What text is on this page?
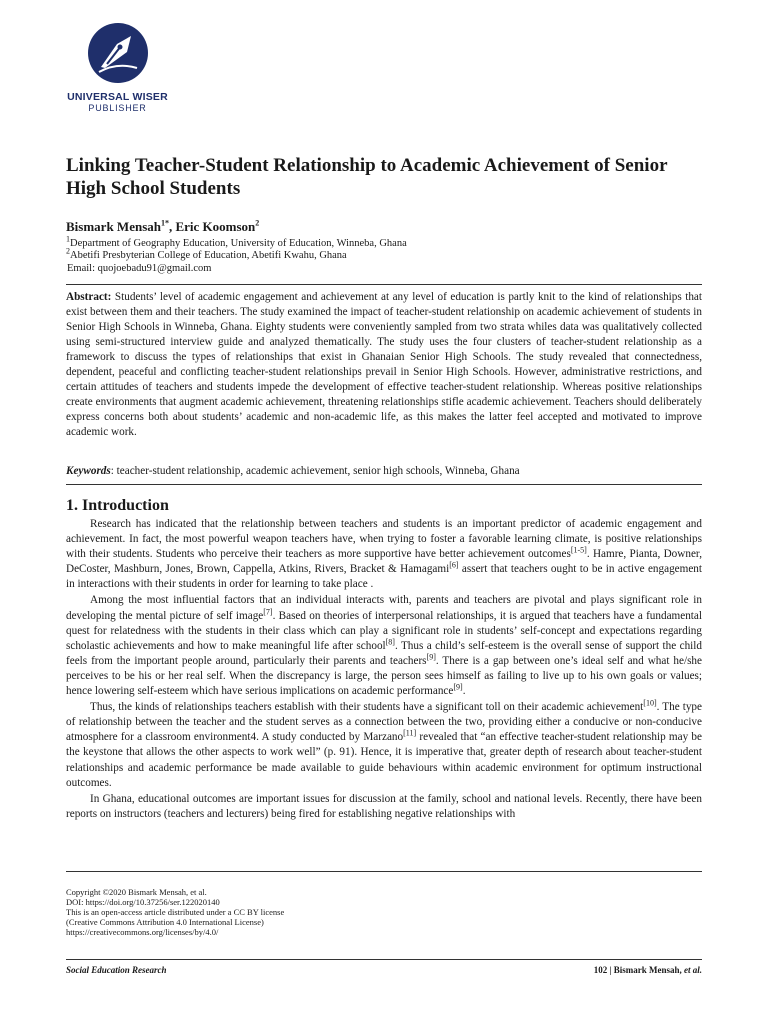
UNIVERSAL WISER
PUBLISHER
Linking Teacher-Student Relationship to Academic Achievement of Senior High School Students
Bismark Mensah$^{1*}$, Eric Koomson$^2$
$^1$Department of Geography Education, University of Education, Winneba, Ghana
$^2$Abetifi Presbyterian College of Education, Abetifi Kwahu, Ghana
Email: quojoebadu91@gmail.com
Abstract: Students’ level of academic engagement and achievement at any level of education is partly knit to the kind of relationships that exist between them and their teachers. The study examined the impact of teacher-student relationship on academic achievement of students in Senior High Schools in Winneba, Ghana. Eighty students were conveniently sampled from two strata whiles data was qualitatively collected using semi-structured interview guide and analyzed thematically. The study uses the four clusters of teacher-student relationship as a framework to discuss the types of relationships that exist in Ghanaian Senior High Schools. The study revealed that connectedness, dependent, peaceful and conflicting teacher-student relationships prevail in Senior High Schools. However, administrative restrictions, and certain attitudes of teachers and students impede the development of effective teacher-student relationship. Whereas positive relationships create environments that augment academic achievement, threatening relationships stifle academic achievement. Teachers should deliberately express concerns both about students’ academic and non-academic life, as this makes the latter feel accepted and motivated to improve academic work.
Keywords: teacher-student relationship, academic achievement, senior high schools, Winneba, Ghana
1. Introduction

Research has indicated that the relationship between teachers and students is an important predictor of academic engagement and achievement. In fact, the most powerful weapon teachers have, when trying to foster a favorable learning climate, is positive relationships with their students. Students who perceive their teachers as more supportive have better achievement outcomes[1-5]. Hamre, Pianta, Downer, DeCoster, Mashburn, Jones, Brown, Cappella, Atkins, Rivers, Bracket & Hamagami[6] assert that teachers ought to be in active engagement in interactions with their students in order for learning to take place .

Among the most influential factors that an individual interacts with, parents and teachers are pivotal and plays significant role in developing the mental picture of self image[7]. Based on theories of interpersonal relationships, it is argued that teachers have a fundamental quest for relatedness with the students in their class which can play a significant role in students’ self-concept and expectations regarding scholastic achievements and how to make meaningful life after school[8]. Thus a child’s self-esteem is the overall sense of support the child feels from the important people around, particularly their parents and teachers[9]. There is a gap between one’s ideal self and what he/she perceives to be his or her real self. When the discrepancy is large, the person sees himself as failing to live up to his own goals or values; hence lowering self-esteem which have serious implications on academic performance[9].

Thus, the kinds of relationships teachers establish with their students have a significant toll on their academic achievement[10]. The type of relationship between the teacher and the student serves as a connection between the two, providing either a conducive or non-conducive atmosphere for a classroom environment4. A study conducted by Marzano[11] revealed that “an effective teacher-student relationship may be the keystone that allows the other aspects to work well” (p. 91). Hence, it is imperative that, greater depth of research about teacher-student relationships and academic performance be made available to guide behaviours within academic environment for optimum instructional outcomes.

In Ghana, educational outcomes are important issues for discussion at the family, school and national levels. Recently, there have been reports on instructors (teachers and lecturers) being fired for establishing negative relationships with

Copyright ©2020 Bismark Mensah, et al.
DOI: https://doi.org/10.37256/ser.122020140
This is an open-access article distributed under a CC BY license
(Creative Commons Attribution 4.0 International License)
https://creativecommons.org/licenses/by/4.0/
Social Education Research	102 | Bismark Mensah, et al.
